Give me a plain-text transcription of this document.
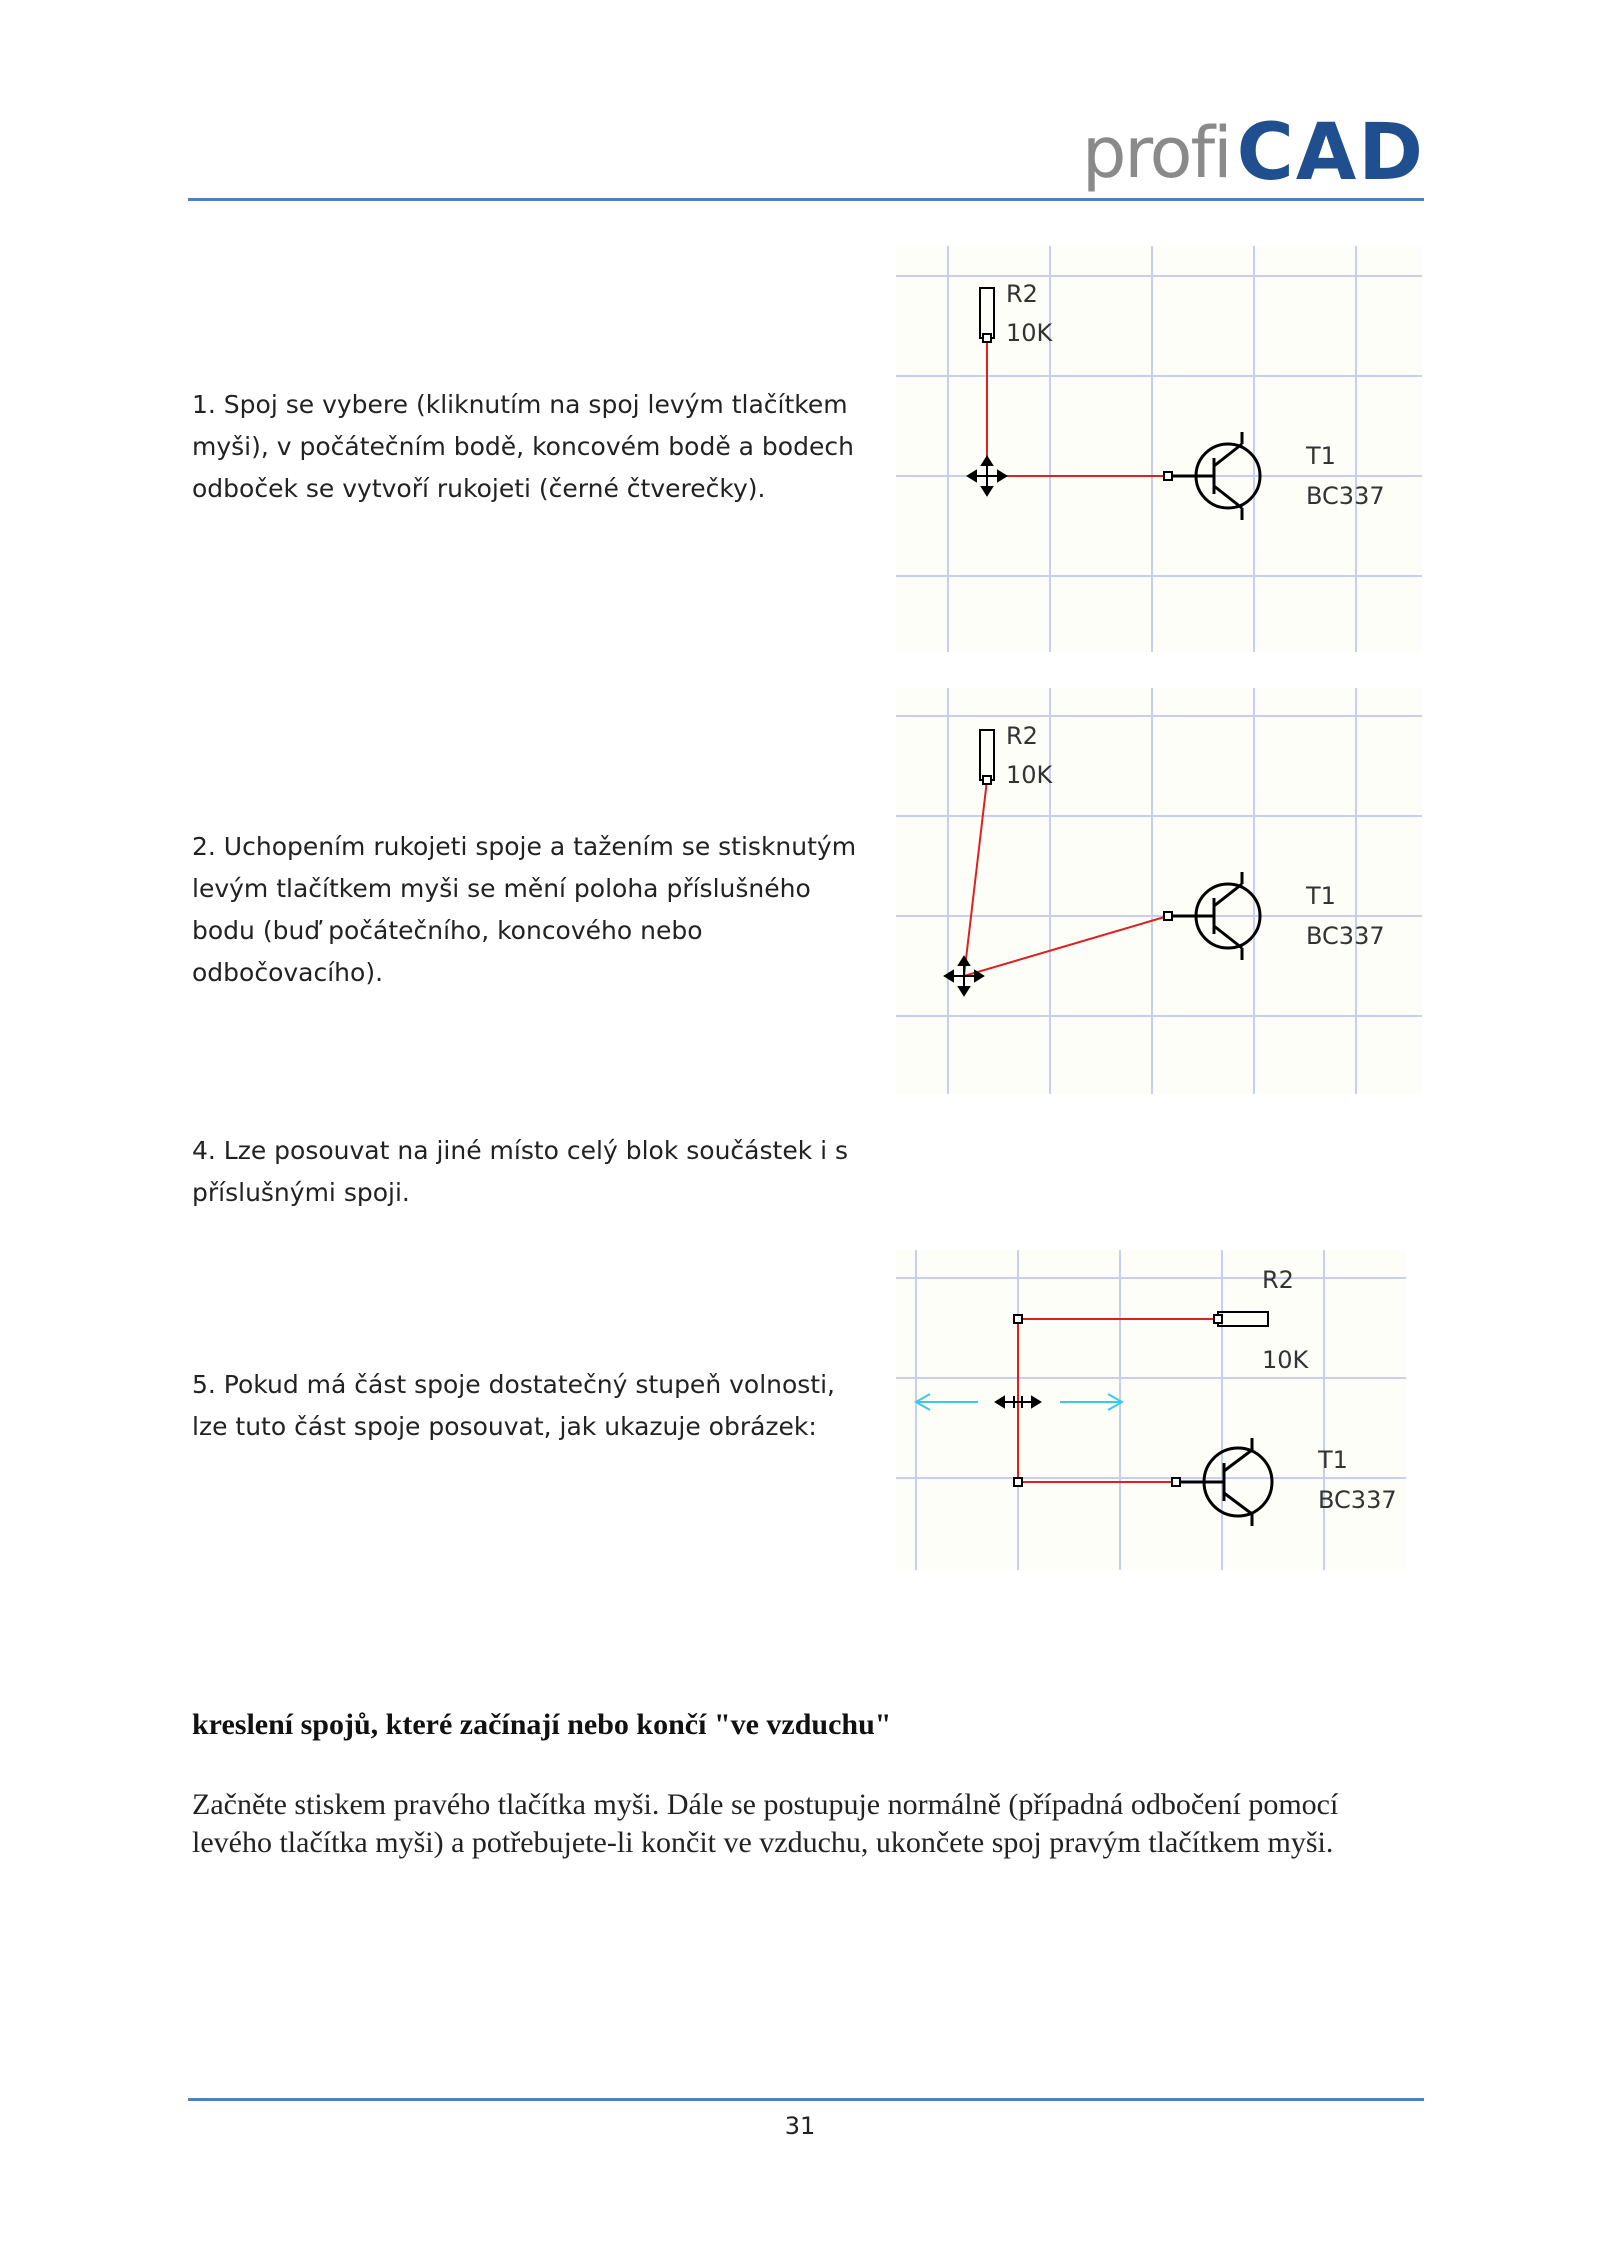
profi CAD
1. Spoj se vybere (kliknutím na spoj levým tlačítkem myši), v počátečním bodě, koncovém bodě a bodech odboček se vytvoří rukojeti (černé čtverečky).
R2
10K
T1
BC337
2. Uchopením rukojeti spoje a tažením se stisknutým levým tlačítkem myši se mění poloha příslušného bodu (buď počátečního, koncového nebo odbočovacího).
R2
10K
T1
BC337
4. Lze posouvat na jiné místo celý blok součástek i s příslušnými spoji.
5. Pokud má část spoje dostatečný stupeň volnosti, lze tuto část spoje posouvat, jak ukazuje obrázek:
R2
10K
T1
BC337
kreslení spojů, které začínají nebo končí "ve vzduchu"
Začněte stiskem pravého tlačítka myši. Dále se postupuje normálně (případná odbočení pomocí levého tlačítka myši) a potřebujete-li končit ve vzduchu, ukončete spoj pravým tlačítkem myši.
31
